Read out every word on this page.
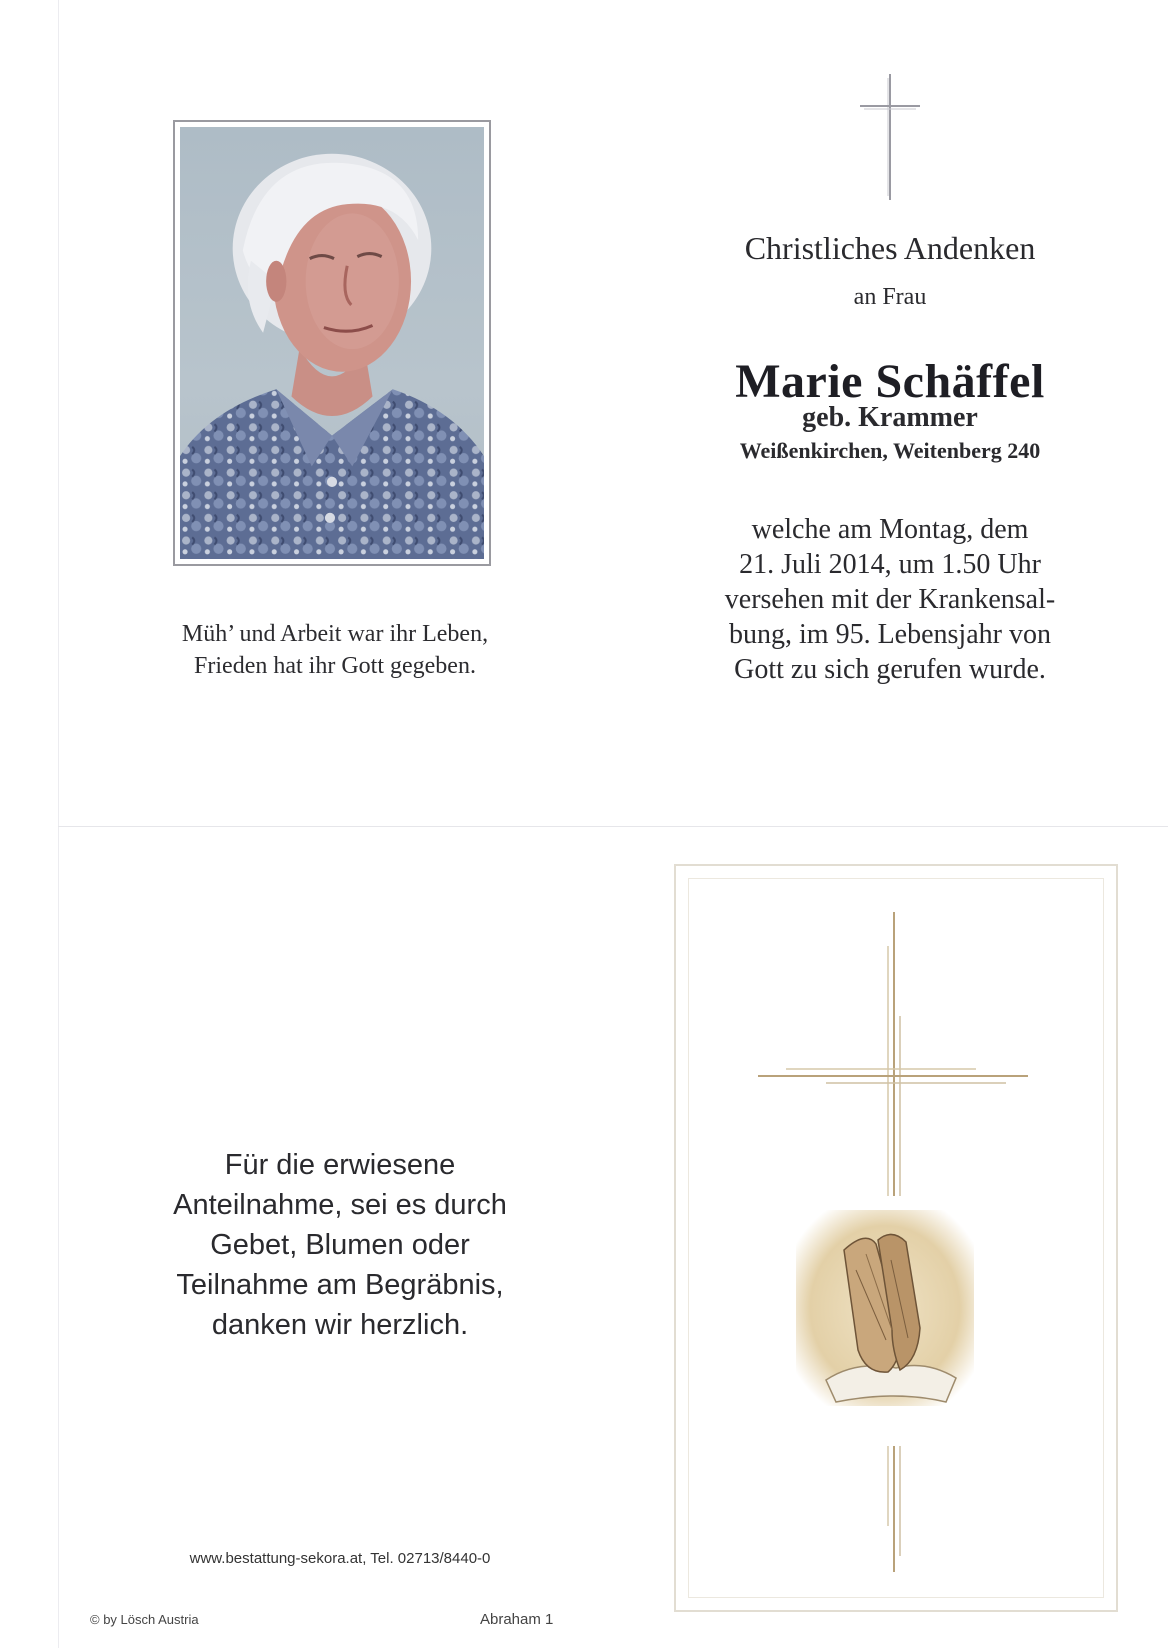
Müh’ und Arbeit war ihr Leben,
Frieden hat ihr Gott gegeben.
Christliches Andenken
an Frau
Marie Schäffel
geb. Krammer
Weißenkirchen, Weitenberg 240
welche am Montag, dem
21. Juli 2014, um 1.50 Uhr
versehen mit der Krankensal-
bung, im 95. Lebensjahr von
Gott zu sich gerufen wurde.
Für die erwiesene
Anteilnahme, sei es durch
Gebet, Blumen oder
Teilnahme am Begräbnis,
danken wir herzlich.
www.bestattung-sekora.at, Tel. 02713/8440-0
© by Lösch Austria	Abraham 1
